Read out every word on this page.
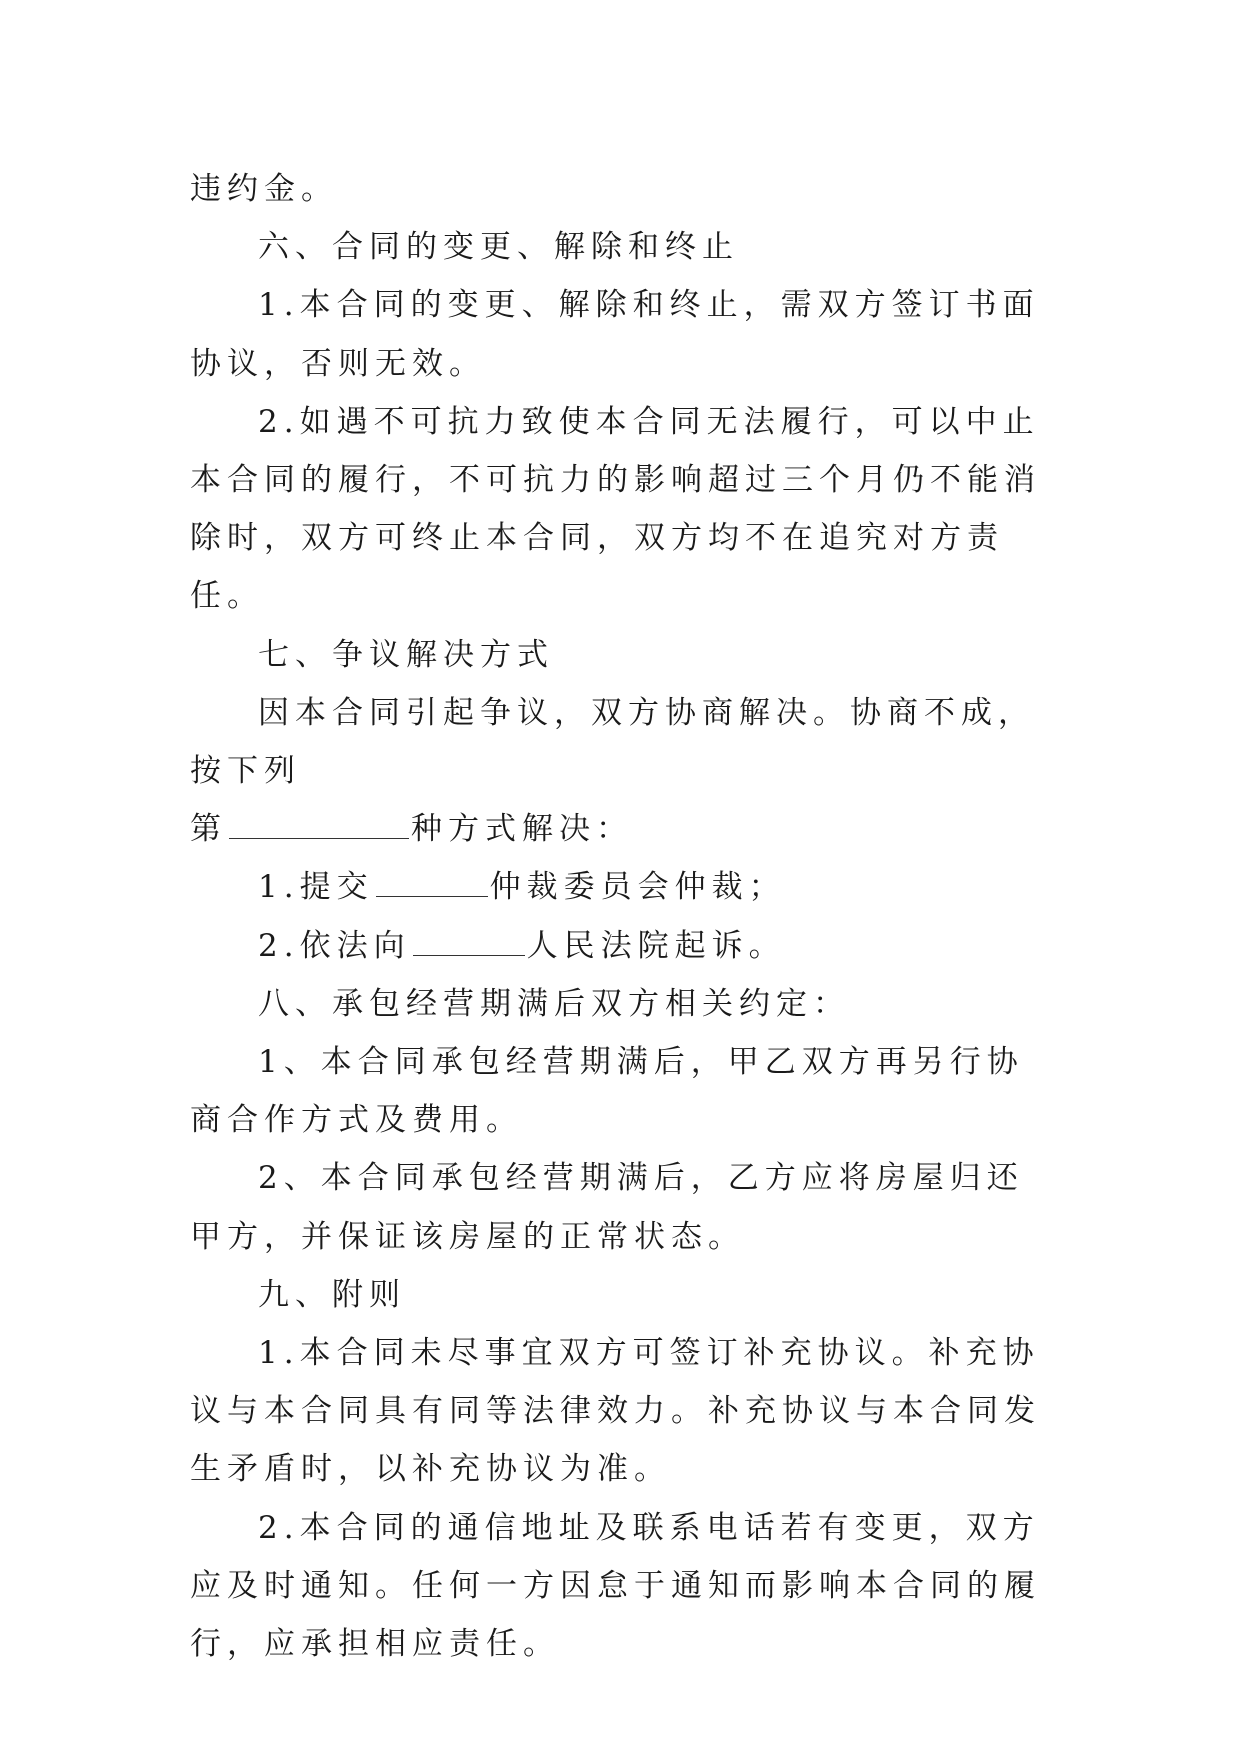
违约金。

六、合同的变更、解除和终止

1.本合同的变更、解除和终止，需双方签订书面协议，否则无效。

2.如遇不可抗力致使本合同无法履行，可以中止本合同的履行，不可抗力的影响超过三个月仍不能消除时，双方可终止本合同，双方均不在追究对方责任。

七、争议解决方式

因本合同引起争议，双方协商解决。协商不成，按下列

第	种方式解决：

1.提交	仲裁委员会仲裁；

2.依法向	人民法院起诉。

八、承包经营期满后双方相关约定：

1、本合同承包经营期满后，甲乙双方再另行协商合作方式及费用。

2、本合同承包经营期满后，乙方应将房屋归还甲方，并保证该房屋的正常状态。

九、附则

1.本合同未尽事宜双方可签订补充协议。补充协议与本合同具有同等法律效力。补充协议与本合同发生矛盾时，以补充协议为准。

2.本合同的通信地址及联系电话若有变更，双方应及时通知。任何一方因怠于通知而影响本合同的履行，应承担相应责任。
